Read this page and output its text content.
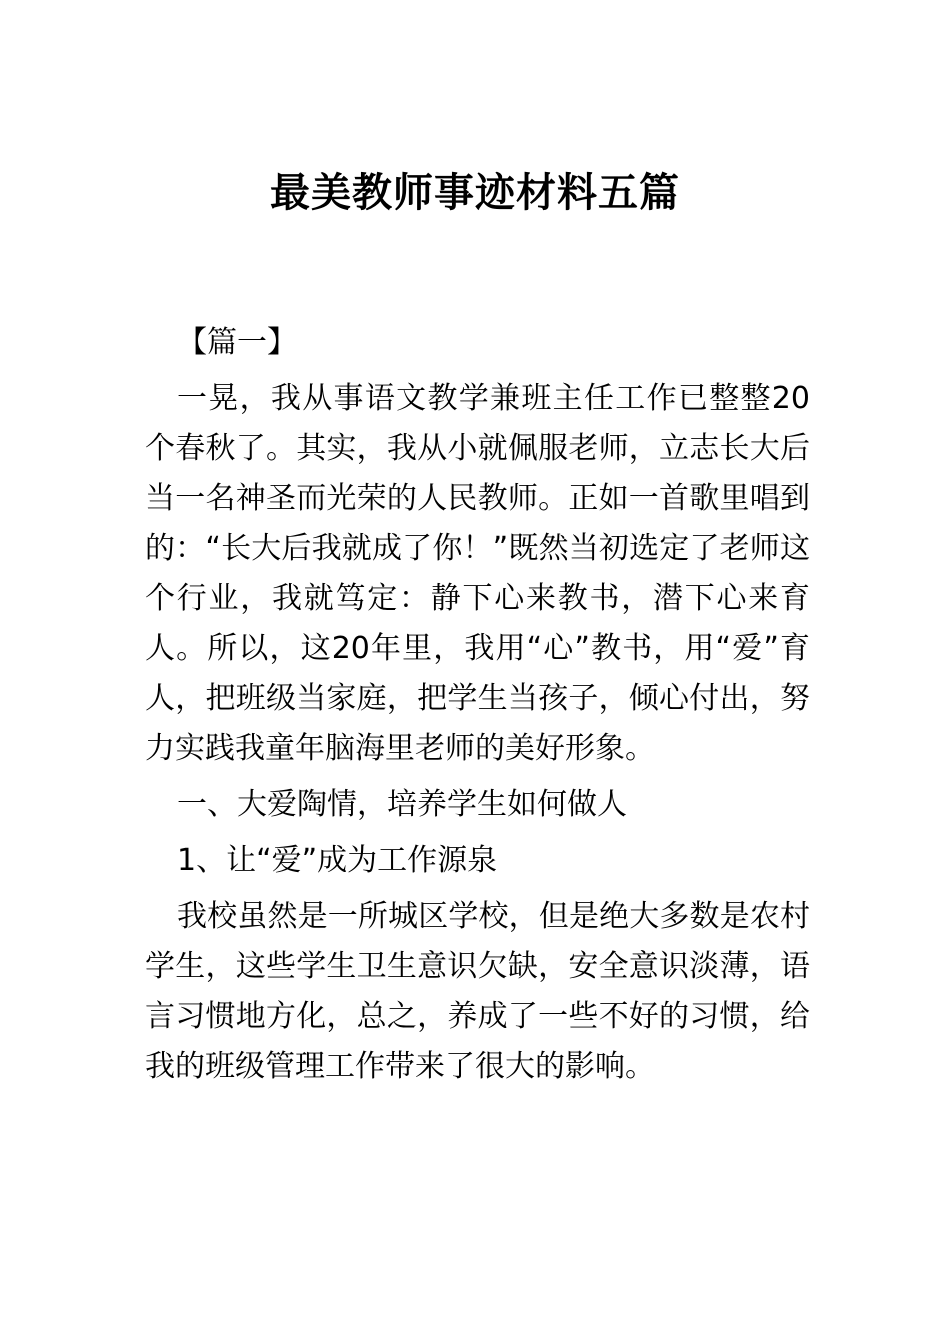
最美教师事迹材料五篇

【篇一】

一晃，我从事语文教学兼班主任工作已整整20个春秋了。其实，我从小就佩服老师，立志长大后当一名神圣而光荣的人民教师。正如一首歌里唱到的：“长大后我就成了你！”既然当初选定了老师这个行业，我就笃定：静下心来教书，潜下心来育人。所以，这20年里，我用“心”教书，用“爱”育人，把班级当家庭，把学生当孩子，倾心付出，努力实践我童年脑海里老师的美好形象。

一、大爱陶情，培养学生如何做人

1、让“爱”成为工作源泉

我校虽然是一所城区学校，但是绝大多数是农村学生，这些学生卫生意识欠缺，安全意识淡薄，语言习惯地方化，总之，养成了一些不好的习惯，给我的班级管理工作带来了很大的影响。
